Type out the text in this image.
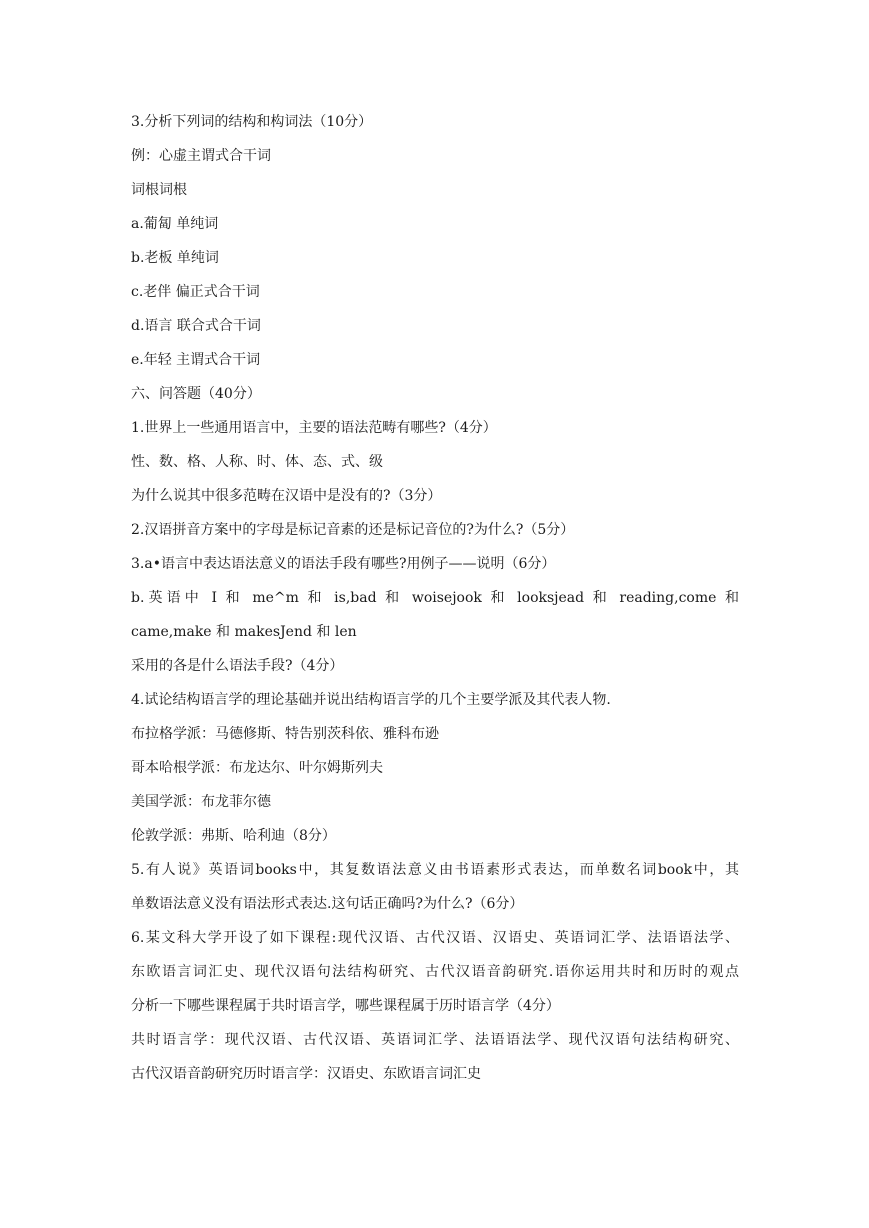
3.分析下列词的结构和构词法（10分）
例：心虚主谓式合干词
词根词根
a.葡匐 单纯词
b.老板 单纯词
c.老伴 偏正式合干词
d.语言 联合式合干词
e.年轻 主谓式合干词
六、问答题（40分）
1.世界上一些通用语言中，主要的语法范畴有哪些?（4分）
性、数、格、人称、时、体、态、式、级
为什么说其中很多范畴在汉语中是没有的?（3分）
2.汉语拼音方案中的字母是标记音素的还是标记音位的?为什么?（5分）
3.a•语言中表达语法意义的语法手段有哪些?用例子——说明（6分）
b.英语中 I 和 me^m 和 is,bad 和 woisejook 和 looksjead 和 reading,come 和
came,make 和 makesJend 和 len
采用的各是什么语法手段?（4分）
4.试论结构语言学的理论基础并说出结构语言学的几个主要学派及其代表人物.
布拉格学派：马德修斯、特告别茨科依、雅科布逊
哥本哈根学派：布龙达尔、叶尔姆斯列夫
美国学派：布龙菲尔德
伦敦学派：弗斯、哈利迪（8分）
5.有人说》英语词books中，其复数语法意义由书语素形式表达，而单数名词book中，其
单数语法意义没有语法形式表达.这句话正确吗?为什么?（6分）
6.某文科大学开设了如下课程:现代汉语、古代汉语、汉语史、英语词汇学、法语语法学、
东欧语言词汇史、现代汉语句法结构研究、古代汉语音韵研究.语你运用共时和历时的观点
分析一下哪些课程属于共时语言学，哪些课程属于历时语言学（4分）
共时语言学：现代汉语、古代汉语、英语词汇学、法语语法学、现代汉语句法结构研究、
古代汉语音韵研究历时语言学：汉语史、东欧语言词汇史
